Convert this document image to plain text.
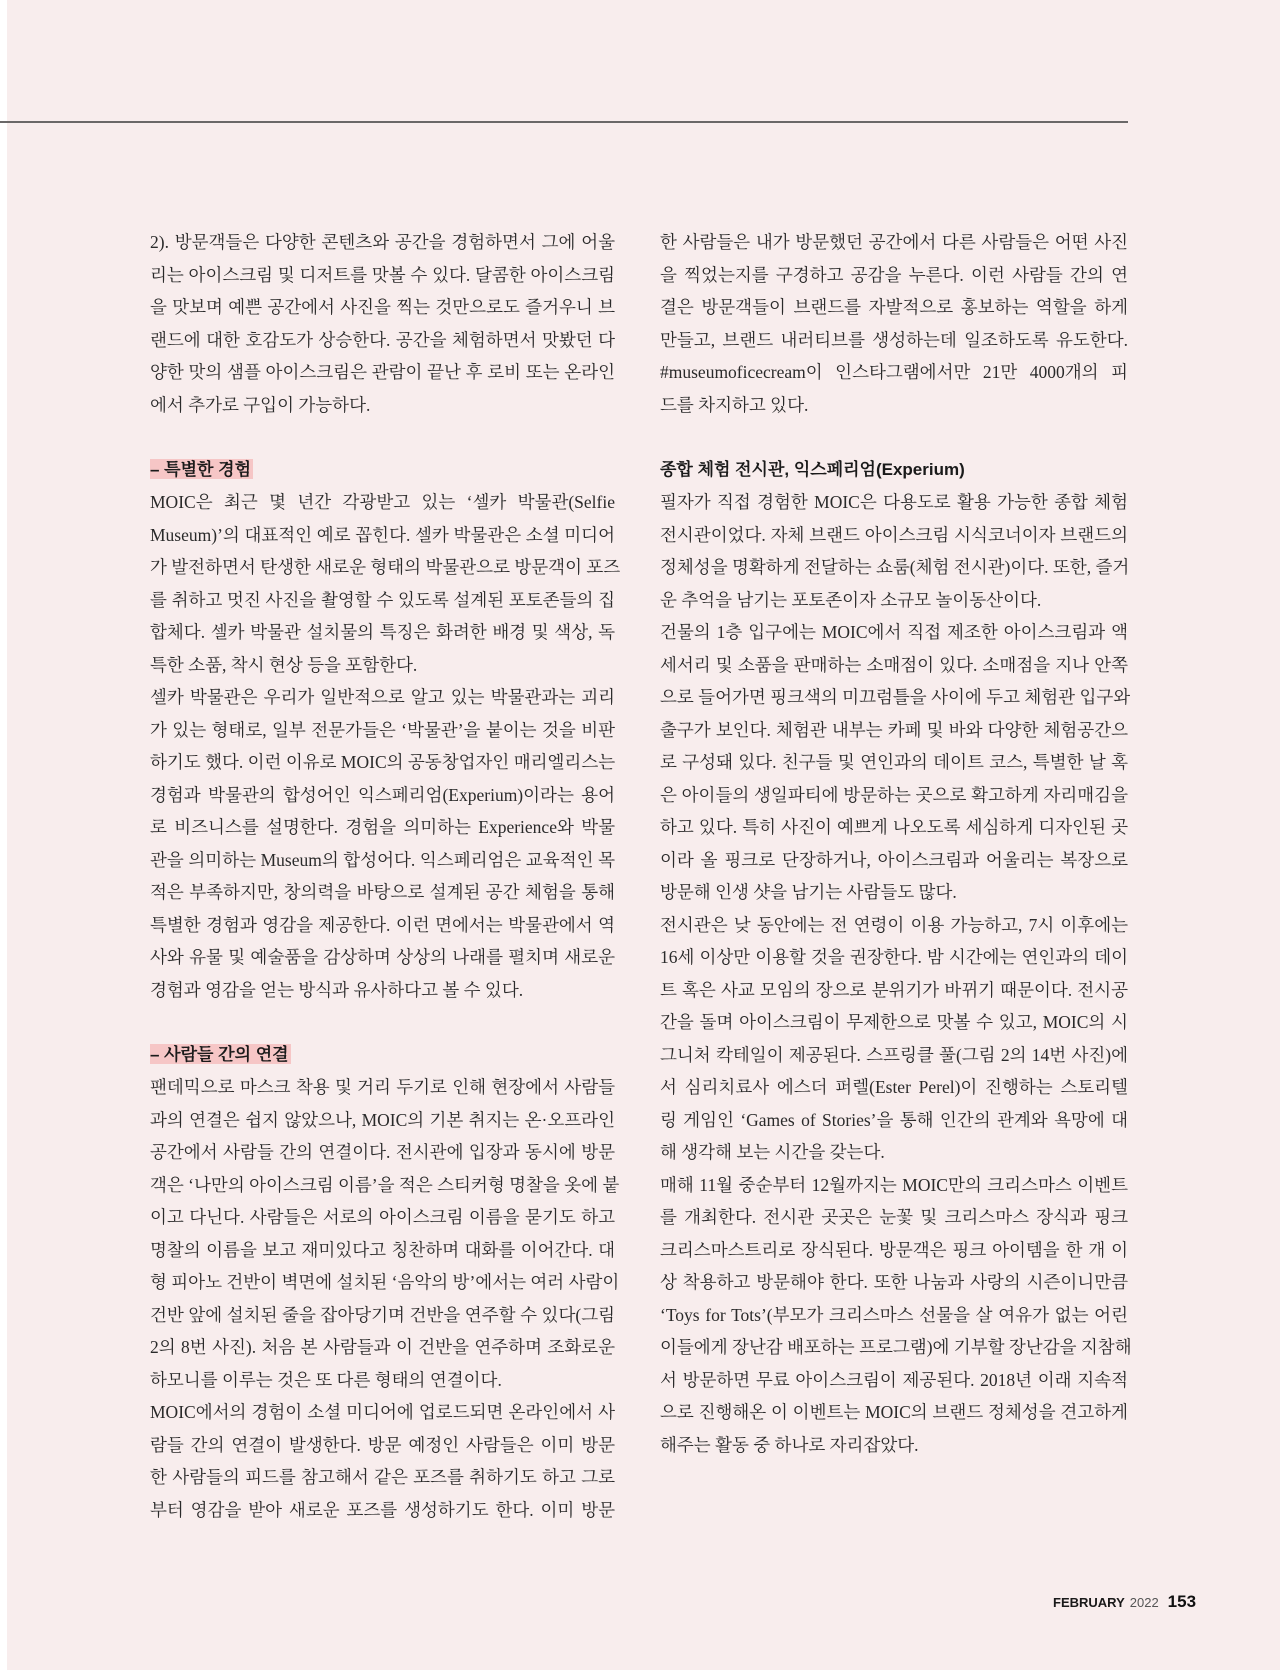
2). 방문객들은 다양한 콘텐츠와 공간을 경험하면서 그에 어울
리는 아이스크림 및 디저트를 맛볼 수 있다. 달콤한 아이스크림
을 맛보며 예쁜 공간에서 사진을 찍는 것만으로도 즐거우니 브
랜드에 대한 호감도가 상승한다. 공간을 체험하면서 맛봤던 다
양한 맛의 샘플 아이스크림은 관람이 끝난 후 로비 또는 온라인
에서 추가로 구입이 가능하다.
– 특별한 경험
MOIC은 최근 몇 년간 각광받고 있는 ‘셀카 박물관(Selfie
Museum)’의 대표적인 예로 꼽힌다. 셀카 박물관은 소셜 미디어
가 발전하면서 탄생한 새로운 형태의 박물관으로 방문객이 포즈
를 취하고 멋진 사진을 촬영할 수 있도록 설계된 포토존들의 집
합체다. 셀카 박물관 설치물의 특징은 화려한 배경 및 색상, 독
특한 소품, 착시 현상 등을 포함한다.
셀카 박물관은 우리가 일반적으로 알고 있는 박물관과는 괴리
가 있는 형태로, 일부 전문가들은 ‘박물관’을 붙이는 것을 비판
하기도 했다. 이런 이유로 MOIC의 공동창업자인 매리엘리스는
경험과 박물관의 합성어인 익스페리엄(Experium)이라는 용어
로 비즈니스를 설명한다. 경험을 의미하는 Experience와 박물
관을 의미하는 Museum의 합성어다. 익스페리엄은 교육적인 목
적은 부족하지만, 창의력을 바탕으로 설계된 공간 체험을 통해
특별한 경험과 영감을 제공한다. 이런 면에서는 박물관에서 역
사와 유물 및 예술품을 감상하며 상상의 나래를 펼치며 새로운
경험과 영감을 얻는 방식과 유사하다고 볼 수 있다.
– 사람들 간의 연결
팬데믹으로 마스크 착용 및 거리 두기로 인해 현장에서 사람들
과의 연결은 쉽지 않았으나, MOIC의 기본 취지는 온·오프라인
공간에서 사람들 간의 연결이다. 전시관에 입장과 동시에 방문
객은 ‘나만의 아이스크림 이름’을 적은 스티커형 명찰을 옷에 붙
이고 다닌다. 사람들은 서로의 아이스크림 이름을 묻기도 하고
명찰의 이름을 보고 재미있다고 칭찬하며 대화를 이어간다. 대
형 피아노 건반이 벽면에 설치된 ‘음악의 방’에서는 여러 사람이
건반 앞에 설치된 줄을 잡아당기며 건반을 연주할 수 있다(그림
2의 8번 사진). 처음 본 사람들과 이 건반을 연주하며 조화로운
하모니를 이루는 것은 또 다른 형태의 연결이다.
MOIC에서의 경험이 소셜 미디어에 업로드되면 온라인에서 사
람들 간의 연결이 발생한다. 방문 예정인 사람들은 이미 방문
한 사람들의 피드를 참고해서 같은 포즈를 취하기도 하고 그로
부터 영감을 받아 새로운 포즈를 생성하기도 한다. 이미 방문
한 사람들은 내가 방문했던 공간에서 다른 사람들은 어떤 사진
을 찍었는지를 구경하고 공감을 누른다. 이런 사람들 간의 연
결은 방문객들이 브랜드를 자발적으로 홍보하는 역할을 하게
만들고, 브랜드 내러티브를 생성하는데 일조하도록 유도한다.
#museumoficecream이 인스타그램에서만 21만 4000개의 피
드를 차지하고 있다.
종합 체험 전시관, 익스페리엄(Experium)
필자가 직접 경험한 MOIC은 다용도로 활용 가능한 종합 체험
전시관이었다. 자체 브랜드 아이스크림 시식코너이자 브랜드의
정체성을 명확하게 전달하는 쇼룸(체험 전시관)이다. 또한, 즐거
운 추억을 남기는 포토존이자 소규모 놀이동산이다.
건물의 1층 입구에는 MOIC에서 직접 제조한 아이스크림과 액
세서리 및 소품을 판매하는 소매점이 있다. 소매점을 지나 안쪽
으로 들어가면 핑크색의 미끄럼틀을 사이에 두고 체험관 입구와
출구가 보인다. 체험관 내부는 카페 및 바와 다양한 체험공간으
로 구성돼 있다. 친구들 및 연인과의 데이트 코스, 특별한 날 혹
은 아이들의 생일파티에 방문하는 곳으로 확고하게 자리매김을
하고 있다. 특히 사진이 예쁘게 나오도록 세심하게 디자인된 곳
이라 올 핑크로 단장하거나, 아이스크림과 어울리는 복장으로
방문해 인생 샷을 남기는 사람들도 많다.
전시관은 낮 동안에는 전 연령이 이용 가능하고, 7시 이후에는
16세 이상만 이용할 것을 권장한다. 밤 시간에는 연인과의 데이
트 혹은 사교 모임의 장으로 분위기가 바뀌기 때문이다. 전시공
간을 돌며 아이스크림이 무제한으로 맛볼 수 있고, MOIC의 시
그니처 칵테일이 제공된다. 스프링클 풀(그림 2의 14번 사진)에
서 심리치료사 에스더 퍼렐(Ester Perel)이 진행하는 스토리텔
링 게임인 ‘Games of Stories’을 통해 인간의 관계와 욕망에 대
해 생각해 보는 시간을 갖는다.
매해 11월 중순부터 12월까지는 MOIC만의 크리스마스 이벤트
를 개최한다. 전시관 곳곳은 눈꽃 및 크리스마스 장식과 핑크
크리스마스트리로 장식된다. 방문객은 핑크 아이템을 한 개 이
상 착용하고 방문해야 한다. 또한 나눔과 사랑의 시즌이니만큼
‘Toys for Tots’(부모가 크리스마스 선물을 살 여유가 없는 어린
이들에게 장난감 배포하는 프로그램)에 기부할 장난감을 지참해
서 방문하면 무료 아이스크림이 제공된다. 2018년 이래 지속적
으로 진행해온 이 이벤트는 MOIC의 브랜드 정체성을 견고하게
해주는 활동 중 하나로 자리잡았다.
FEBRUARY 2022 153
